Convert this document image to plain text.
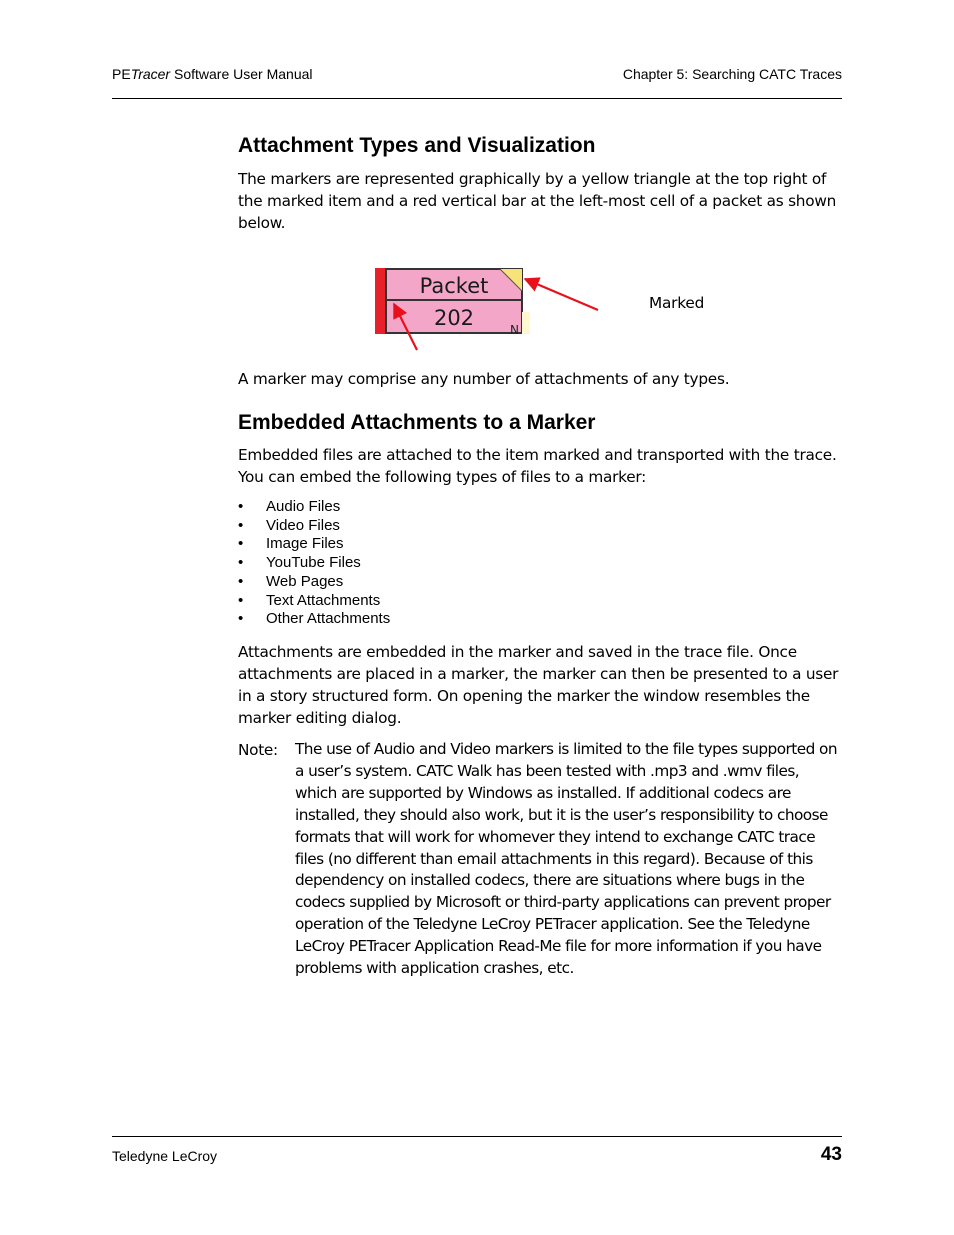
PETracer Software User Manual	Chapter 5: Searching CATC Traces
Attachment Types and Visualization

The markers are represented graphically by a yellow triangle at the top right of the marked item and a red vertical bar at the left-most cell of a packet as shown below.

N
Packet
202
Marked

A marker may comprise any number of attachments of any types.

Embedded Attachments to a Marker

Embedded files are attached to the item marked and transported with the trace. You can embed the following types of files to a marker:

• Audio Files
• Video Files
• Image Files
• YouTube Files
• Web Pages
• Text Attachments
• Other Attachments

Attachments are embedded in the marker and saved in the trace file. Once attachments are placed in a marker, the marker can then be presented to a user in a story structured form. On opening the marker the window resembles the marker editing dialog.

Note: The use of Audio and Video markers is limited to the file types supported on a user’s system. CATC Walk has been tested with .mp3 and .wmv files, which are supported by Windows as installed. If additional codecs are installed, they should also work, but it is the user’s responsibility to choose formats that will work for whomever they intend to exchange CATC trace files (no different than email attachments in this regard). Because of this dependency on installed codecs, there are situations where bugs in the codecs supplied by Microsoft or third-party applications can prevent proper operation of the Teledyne LeCroy PETracer application. See the Teledyne LeCroy PETracer Application Read-Me file for more information if you have problems with application crashes, etc.

Teledyne LeCroy	43
